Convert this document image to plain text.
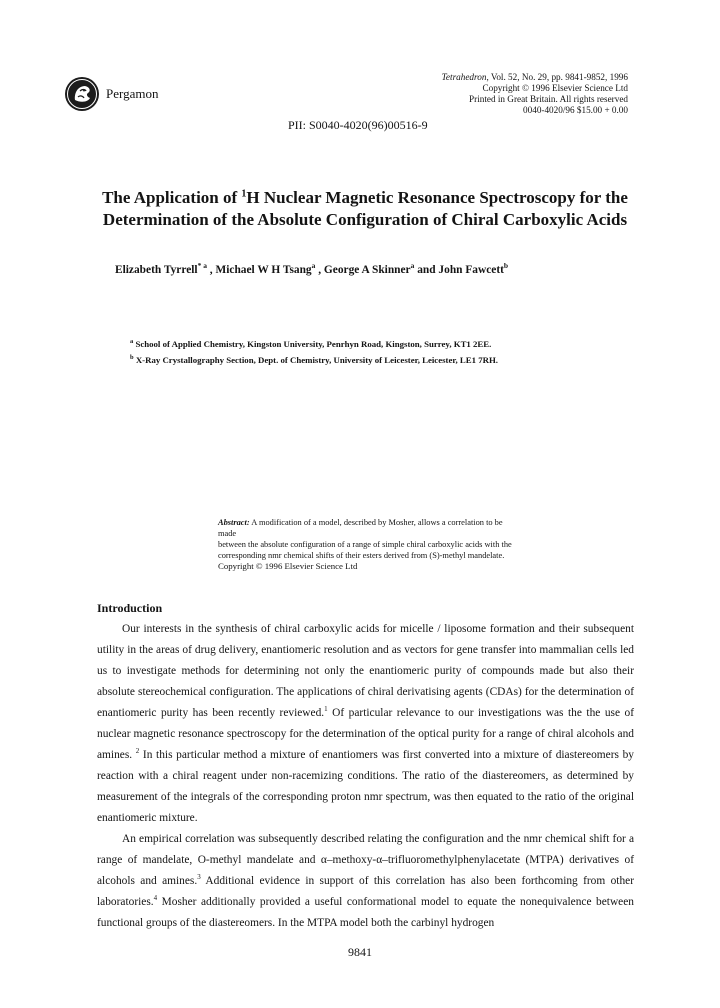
Pergamon
Tetrahedron, Vol. 52, No. 29, pp. 9841-9852, 1996
Copyright © 1996 Elsevier Science Ltd
Printed in Great Britain. All rights reserved
0040-4020/96 $15.00 + 0.00
PII: S0040-4020(96)00516-9
The Application of $^1$H Nuclear Magnetic Resonance Spectroscopy for the
Determination of the Absolute Configuration of Chiral Carboxylic Acids
Elizabeth Tyrrell$^{* a}$ , Michael W H Tsang$^a$ , George A Skinner$^a$ and John Fawcett$^b$
$^a$ School of Applied Chemistry, Kingston University, Penrhyn Road, Kingston, Surrey, KT1 2EE.
$^b$ X-Ray Crystallography Section, Dept. of Chemistry, University of Leicester, Leicester, LE1 7RH.
Abstract: A modification of a model, described by Mosher, allows a correlation to be made
between the absolute configuration of a range of simple chiral carboxylic acids with the
corresponding nmr chemical shifts of their esters derived from (S)-methyl mandelate.
Copyright © 1996 Elsevier Science Ltd
Introduction

Our interests in the synthesis of chiral carboxylic acids for micelle / liposome formation and their subsequent utility in the areas of drug delivery, enantiomeric resolution and as vectors for gene transfer into mammalian cells led us to investigate methods for determining not only the enantiomeric purity of compounds made but also their absolute stereochemical configuration. The applications of chiral derivatising agents (CDAs) for the determination of enantiomeric purity has been recently reviewed.$^1$ Of particular relevance to our investigations was the the use of nuclear magnetic resonance spectroscopy for the determination of the optical purity for a range of chiral alcohols and amines. $^2$ In this particular method a mixture of enantiomers was first converted into a mixture of diastereomers by reaction with a chiral reagent under non-racemizing conditions. The ratio of the diastereomers, as determined by measurement of the integrals of the corresponding proton nmr spectrum, was then equated to the ratio of the original enantiomeric mixture.

An empirical correlation was subsequently described relating the configuration and the nmr chemical shift for a range of mandelate, O-methyl mandelate and α–methoxy-α–trifluoromethylphenylacetate (MTPA) derivatives of alcohols and amines.$^3$ Additional evidence in support of this correlation has also been forthcoming from other laboratories.$^4$ Mosher additionally provided a useful conformational model to equate the nonequivalence between functional groups of the diastereomers. In the MTPA model both the carbinyl hydrogen

9841
